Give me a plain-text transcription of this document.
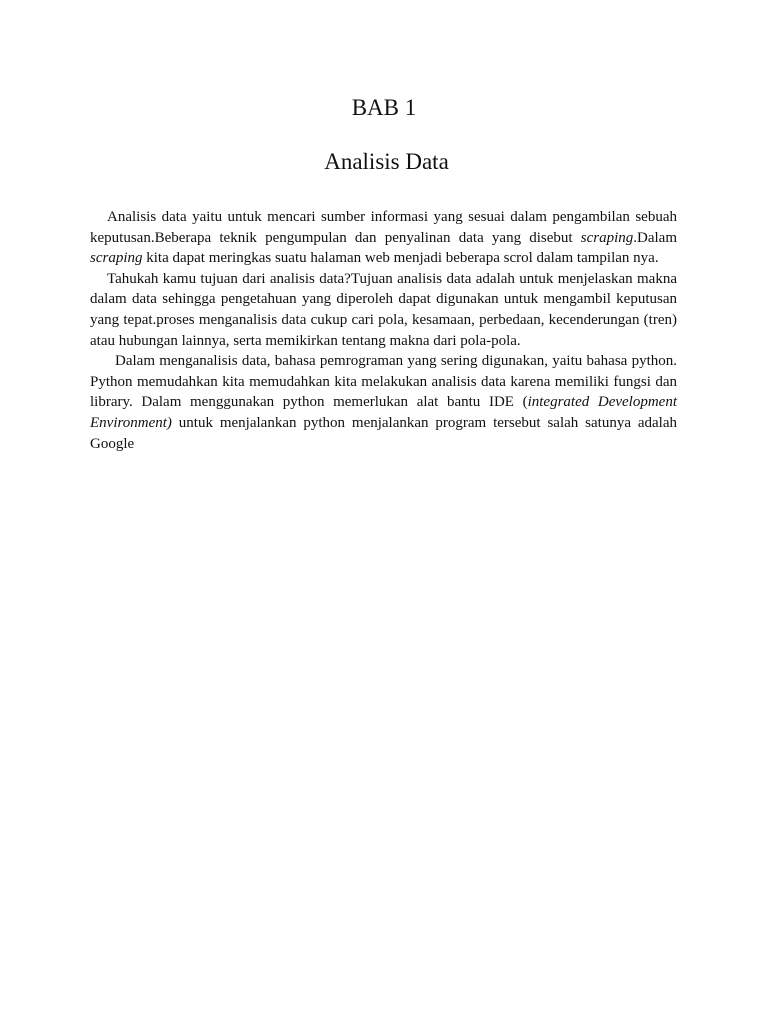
BAB 1
Analisis Data

Analisis data yaitu untuk mencari sumber informasi yang sesuai dalam pengambilan sebuah keputusan.Beberapa teknik pengumpulan dan penyalinan data yang disebut scraping.Dalam scraping kita dapat meringkas suatu halaman web menjadi beberapa scrol dalam tampilan nya.

Tahukah kamu tujuan dari analisis data?Tujuan analisis data adalah untuk menjelaskan makna dalam data sehingga pengetahuan yang diperoleh dapat digunakan untuk mengambil keputusan yang tepat.proses menganalisis data cukup cari pola, kesamaan, perbedaan, kecenderungan (tren) atau hubungan lainnya, serta memikirkan tentang makna dari pola-pola.

Dalam menganalisis data, bahasa pemrograman yang sering digunakan, yaitu bahasa python. Python memudahkan kita memudahkan kita melakukan analisis data karena memiliki fungsi dan library. Dalam menggunakan python memerlukan alat bantu IDE (integrated Development Environment) untuk menjalankan python menjalankan program tersebut salah satunya adalah Google
